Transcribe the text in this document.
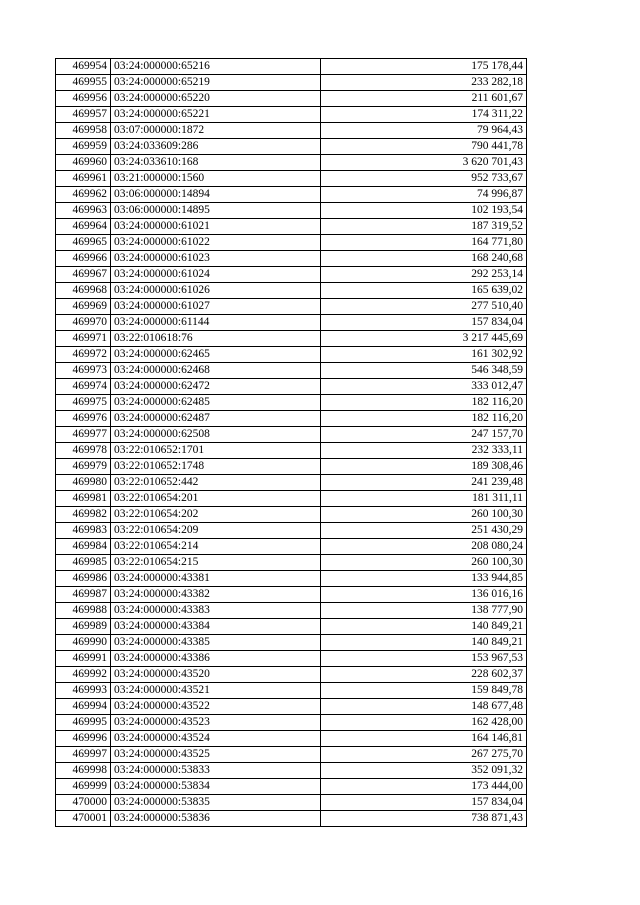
469954	03:24:000000:65216	175 178,44
469955	03:24:000000:65219	233 282,18
469956	03:24:000000:65220	211 601,67
469957	03:24:000000:65221	174 311,22
469958	03:07:000000:1872	79 964,43
469959	03:24:033609:286	790 441,78
469960	03:24:033610:168	3 620 701,43
469961	03:21:000000:1560	952 733,67
469962	03:06:000000:14894	74 996,87
469963	03:06:000000:14895	102 193,54
469964	03:24:000000:61021	187 319,52
469965	03:24:000000:61022	164 771,80
469966	03:24:000000:61023	168 240,68
469967	03:24:000000:61024	292 253,14
469968	03:24:000000:61026	165 639,02
469969	03:24:000000:61027	277 510,40
469970	03:24:000000:61144	157 834,04
469971	03:22:010618:76	3 217 445,69
469972	03:24:000000:62465	161 302,92
469973	03:24:000000:62468	546 348,59
469974	03:24:000000:62472	333 012,47
469975	03:24:000000:62485	182 116,20
469976	03:24:000000:62487	182 116,20
469977	03:24:000000:62508	247 157,70
469978	03:22:010652:1701	232 333,11
469979	03:22:010652:1748	189 308,46
469980	03:22:010652:442	241 239,48
469981	03:22:010654:201	181 311,11
469982	03:22:010654:202	260 100,30
469983	03:22:010654:209	251 430,29
469984	03:22:010654:214	208 080,24
469985	03:22:010654:215	260 100,30
469986	03:24:000000:43381	133 944,85
469987	03:24:000000:43382	136 016,16
469988	03:24:000000:43383	138 777,90
469989	03:24:000000:43384	140 849,21
469990	03:24:000000:43385	140 849,21
469991	03:24:000000:43386	153 967,53
469992	03:24:000000:43520	228 602,37
469993	03:24:000000:43521	159 849,78
469994	03:24:000000:43522	148 677,48
469995	03:24:000000:43523	162 428,00
469996	03:24:000000:43524	164 146,81
469997	03:24:000000:43525	267 275,70
469998	03:24:000000:53833	352 091,32
469999	03:24:000000:53834	173 444,00
470000	03:24:000000:53835	157 834,04
470001	03:24:000000:53836	738 871,43
